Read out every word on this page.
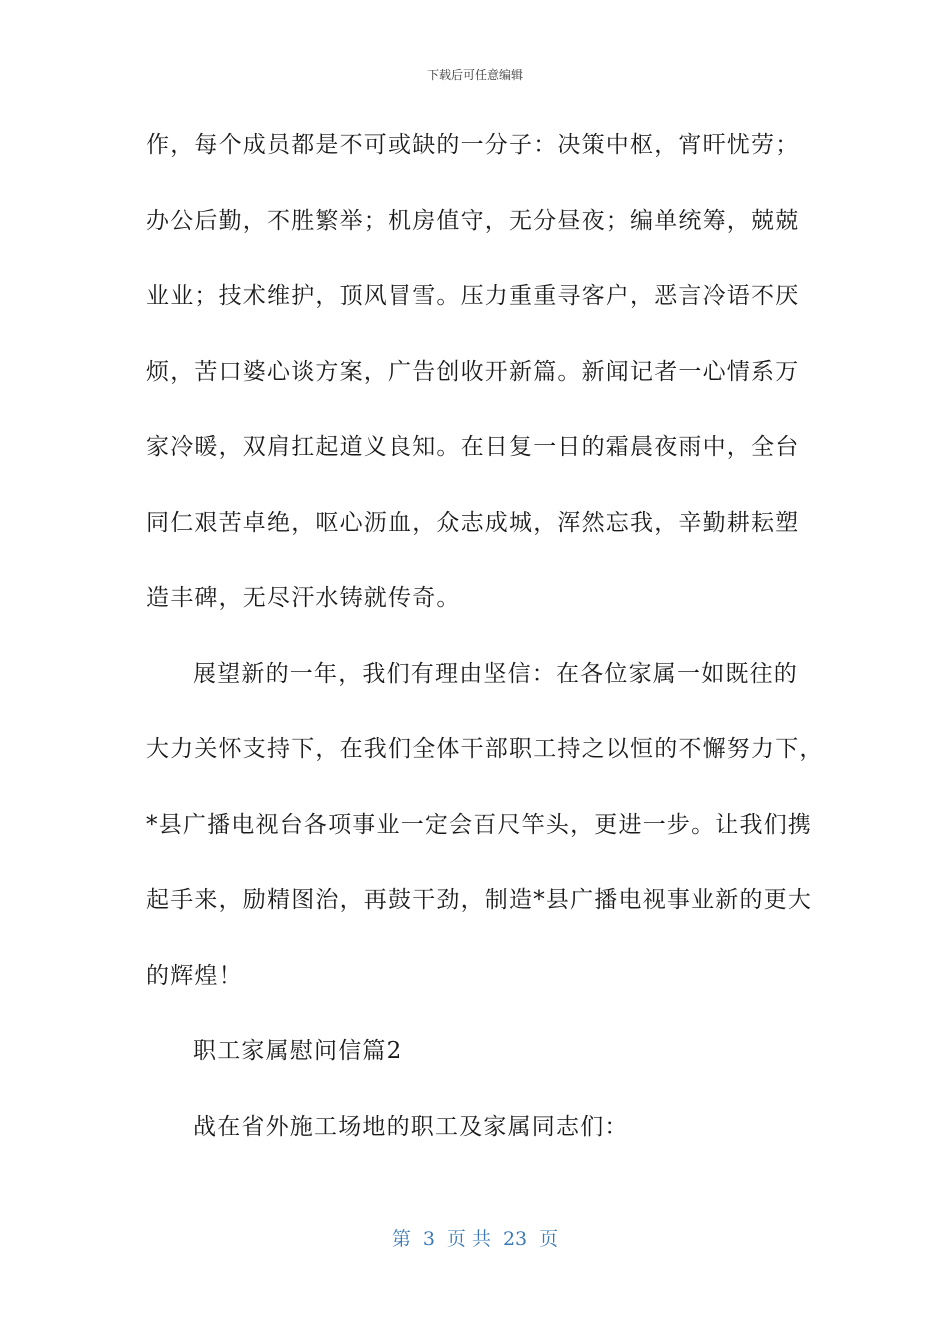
下载后可任意编辑
作，每个成员都是不可或缺的一分子：决策中枢，宵旰忧劳；
办公后勤，不胜繁举；机房值守，无分昼夜；编单统筹，兢兢
业业；技术维护，顶风冒雪。压力重重寻客户，恶言冷语不厌
烦，苦口婆心谈方案，广告创收开新篇。新闻记者一心情系万
家冷暖，双肩扛起道义良知。在日复一日的霜晨夜雨中，全台
同仁艰苦卓绝，呕心沥血，众志成城，浑然忘我，辛勤耕耘塑
造丰碑，无尽汗水铸就传奇。
展望新的一年，我们有理由坚信：在各位家属一如既往的
大力关怀支持下，在我们全体干部职工持之以恒的不懈努力下，
*县广播电视台各项事业一定会百尺竿头，更进一步。让我们携
起手来，励精图治，再鼓干劲，制造*县广播电视事业新的更大
的辉煌！
职工家属慰问信篇2
战在省外施工场地的职工及家属同志们：
第 3 页 共 23 页
